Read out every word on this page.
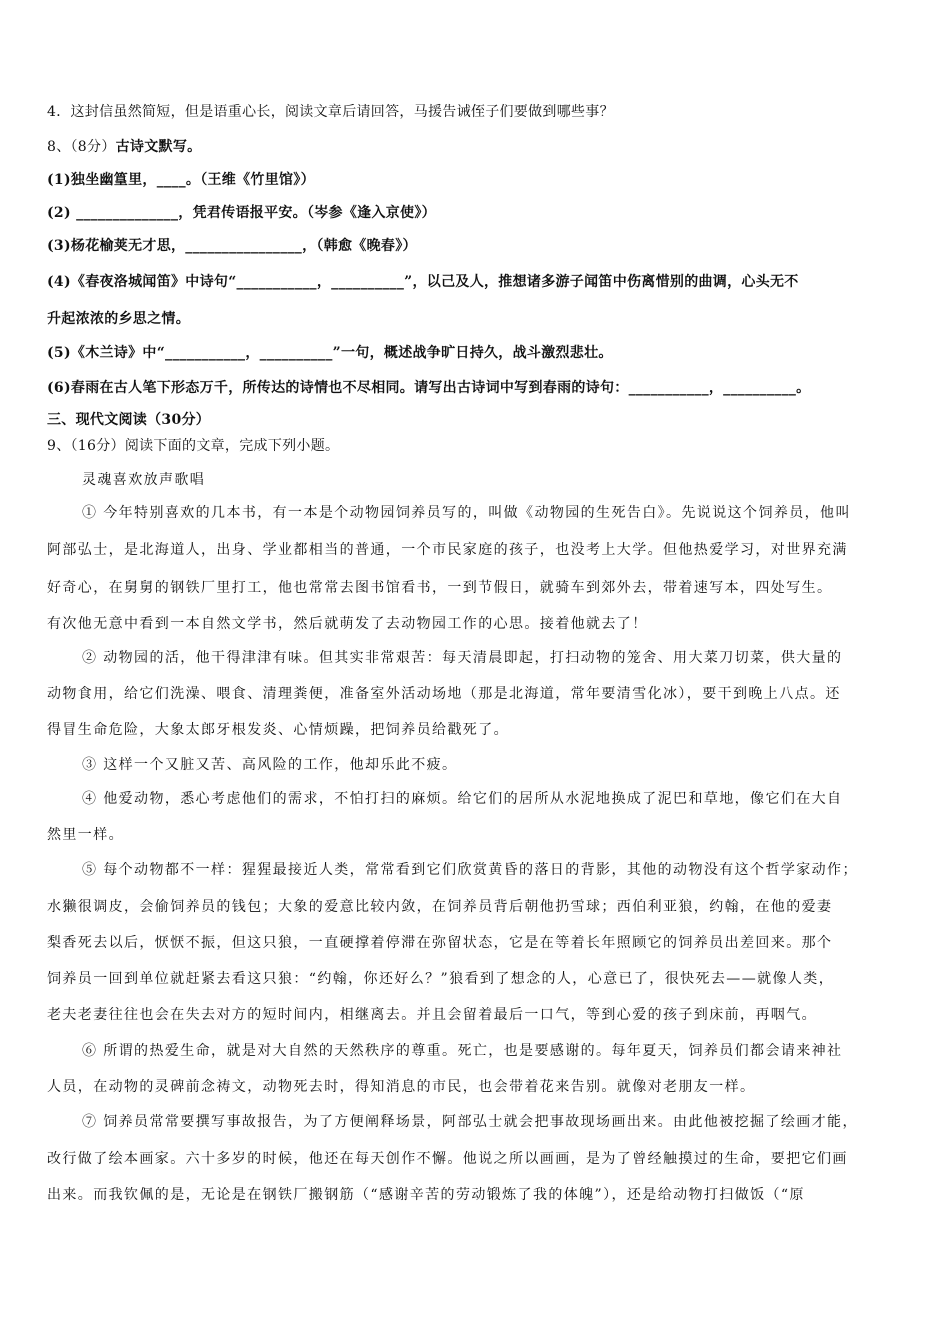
4．这封信虽然简短，但是语重心长，阅读文章后请回答，马援告诫侄子们要做到哪些事？
8、（8分）古诗文默写。
(1)独坐幽篁里，____。（王维《竹里馆》）
(2) ______________，凭君传语报平安。（岑参《逢入京使》）
(3)杨花榆荚无才思，________________，（韩愈《晚春》）
(4)《春夜洛城闻笛》中诗句“___________，__________”，以己及人，推想诸多游子闻笛中伤离惜别的曲调，心头无不
升起浓浓的乡思之情。
(5)《木兰诗》中“___________，__________”一句，概述战争旷日持久，战斗激烈悲壮。
(6)春雨在古人笔下形态万千，所传达的诗情也不尽相同。请写出古诗词中写到春雨的诗句：___________，__________。
三、现代文阅读（30分）
9、（16分）阅读下面的文章，完成下列小题。
灵魂喜欢放声歌唱
① 今年特别喜欢的几本书，有一本是个动物园饲养员写的，叫做《动物园的生死告白》。先说说这个饲养员，他叫
阿部弘士，是北海道人，出身、学业都相当的普通，一个市民家庭的孩子，也没考上大学。但他热爱学习，对世界充满
好奇心，在舅舅的钢铁厂里打工，他也常常去图书馆看书，一到节假日，就骑车到郊外去，带着速写本，四处写生。
有次他无意中看到一本自然文学书，然后就萌发了去动物园工作的心思。接着他就去了！
② 动物园的活，他干得津津有味。但其实非常艰苦：每天清晨即起，打扫动物的笼舍、用大菜刀切菜，供大量的
动物食用，给它们洗澡、喂食、清理粪便，准备室外活动场地（那是北海道，常年要清雪化冰），要干到晚上八点。还
得冒生命危险，大象太郎牙根发炎、心情烦躁，把饲养员给戳死了。
③ 这样一个又脏又苦、高风险的工作，他却乐此不疲。
④ 他爱动物，悉心考虑他们的需求，不怕打扫的麻烦。给它们的居所从水泥地换成了泥巴和草地，像它们在大自
然里一样。
⑤ 每个动物都不一样：猩猩最接近人类，常常看到它们欣赏黄昏的落日的背影，其他的动物没有这个哲学家动作；
水獭很调皮，会偷饲养员的钱包；大象的爱意比较内敛，在饲养员背后朝他扔雪球；西伯利亚狼，约翰，在他的爱妻
梨香死去以后，恹恹不振，但这只狼，一直硬撑着停滞在弥留状态，它是在等着长年照顾它的饲养员出差回来。那个
饲养员一回到单位就赶紧去看这只狼：“约翰，你还好么？”狼看到了想念的人，心意已了，很快死去——就像人类，
老夫老妻往往也会在失去对方的短时间内，相继离去。并且会留着最后一口气，等到心爱的孩子到床前，再咽气。
⑥ 所谓的热爱生命，就是对大自然的天然秩序的尊重。死亡，也是要感谢的。每年夏天，饲养员们都会请来神社
人员，在动物的灵碑前念祷文，动物死去时，得知消息的市民，也会带着花来告别。就像对老朋友一样。
⑦ 饲养员常常要撰写事故报告，为了方便阐释场景，阿部弘士就会把事故现场画出来。由此他被挖掘了绘画才能，
改行做了绘本画家。六十多岁的时候，他还在每天创作不懈。他说之所以画画，是为了曾经触摸过的生命，要把它们画
出来。而我钦佩的是，无论是在钢铁厂搬钢筋（“感谢辛苦的劳动锻炼了我的体魄”），还是给动物打扫做饭（“原
